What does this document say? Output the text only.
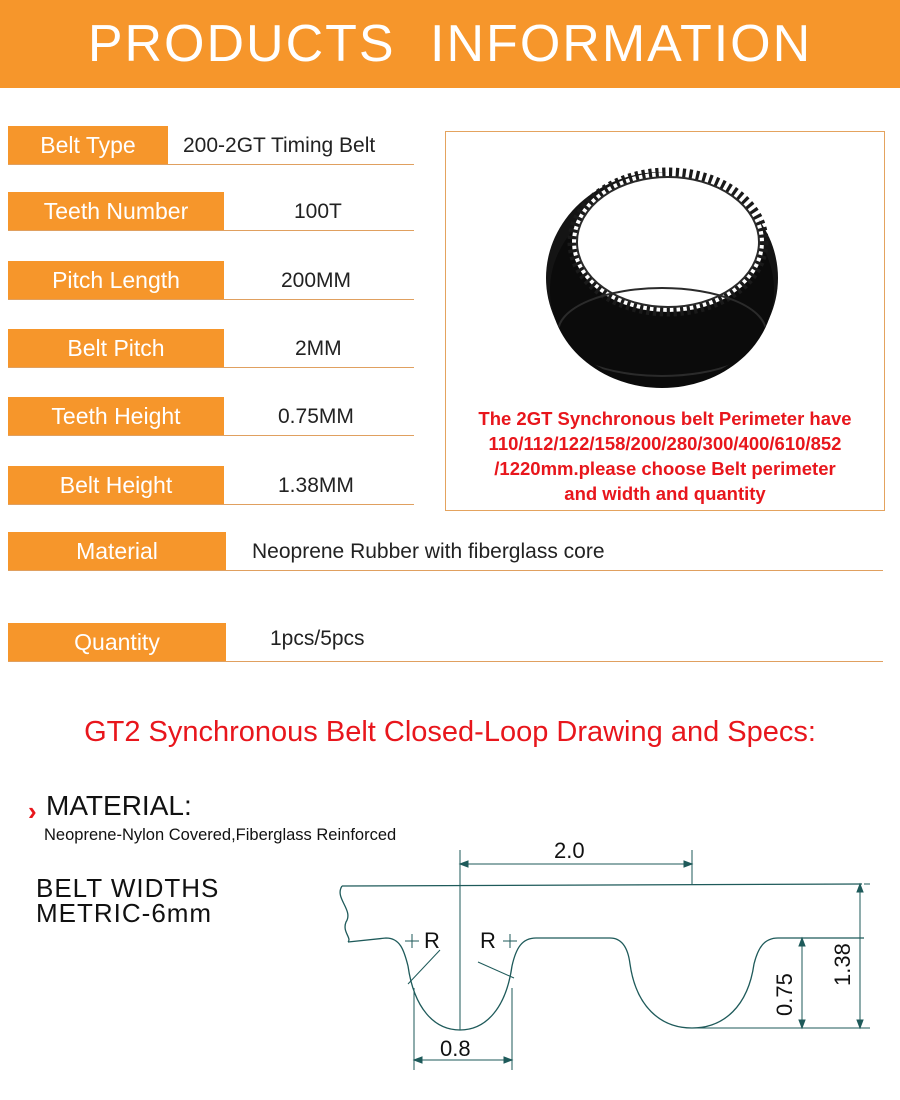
PRODUCTS INFORMATION
Belt Type	200-2GT Timing Belt
Teeth Number	100T
Pitch Length	200MM
Belt Pitch	2MM
Teeth Height	0.75MM
Belt Height	1.38MM
Material	Neoprene Rubber with fiberglass core
Quantity	1pcs/5pcs
The 2GT Synchronous belt Perimeter have
110/112/122/158/200/280/300/400/610/852
/1220mm.please choose Belt perimeter
and width and quantity
GT2 Synchronous Belt Closed-Loop Drawing and Specs:
› MATERIAL:
Neoprene-Nylon Covered,Fiberglass Reinforced
BELT WIDTHS
METRIC-6mm
2.0
0.8
R R
0.75
1.38
